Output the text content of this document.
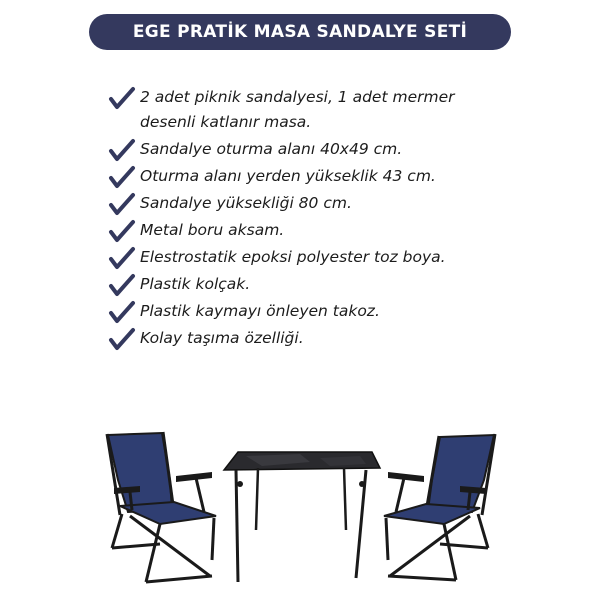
EGE PRATİK MASA SANDALYE SETİ
2 adet piknik sandalyesi, 1 adet mermer
desenli katlanır masa.
Sandalye oturma alanı 40x49 cm.
Oturma alanı yerden yükseklik 43 cm.
Sandalye yüksekliği 80 cm.
Metal boru aksam.
Elestrostatik epoksi polyester toz boya.
Plastik kolçak.
Plastik kaymayı önleyen takoz.
Kolay taşıma özelliği.
